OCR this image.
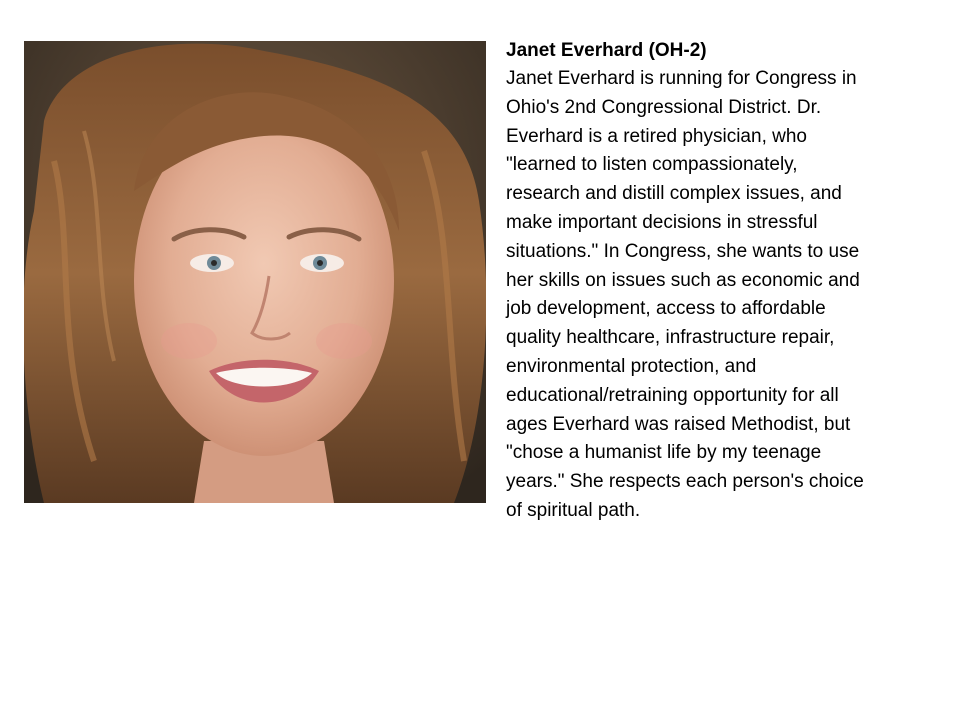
Janet Everhard (OH-2)
Janet Everhard is running for Congress in
Ohio's 2nd Congressional District. Dr.
Everhard is a retired physician, who
"learned to listen compassionately,
research and distill complex issues, and
make important decisions in stressful
situations." In Congress, she wants to use
her skills on issues such as economic and
job development, access to affordable
quality healthcare, infrastructure repair,
environmental protection, and
educational/retraining opportunity for all
ages Everhard was raised Methodist, but
"chose a humanist life by my teenage
years." She respects each person's choice
of spiritual path.
